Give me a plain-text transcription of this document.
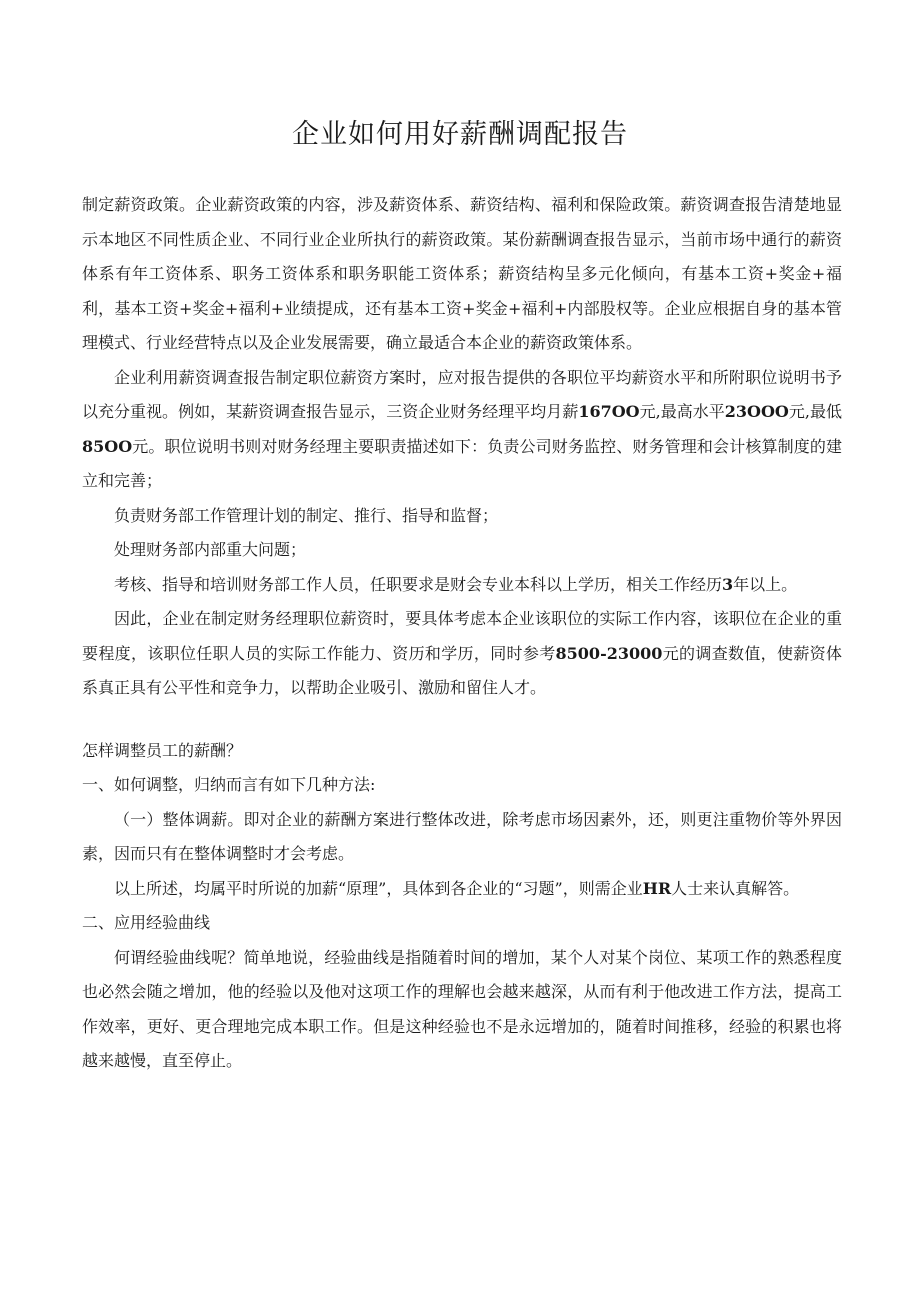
企业如何用好薪酬调配报告

制定薪资政策。企业薪资政策的内容，涉及薪资体系、薪资结构、福利和保险政策。薪资调查报告清楚地显示本地区不同性质企业、不同行业企业所执行的薪资政策。某份薪酬调查报告显示，当前市场中通行的薪资体系有年工资体系、职务工资体系和职务职能工资体系；薪资结构呈多元化倾向，有基本工资+奖金+福利，基本工资+奖金+福利+业绩提成，还有基本工资+奖金+福利+内部股权等。企业应根据自身的基本管理模式、行业经营特点以及企业发展需要，确立最适合本企业的薪资政策体系。

企业利用薪资调查报告制定职位薪资方案时，应对报告提供的各职位平均薪资水平和所附职位说明书予以充分重视。例如，某薪资调查报告显示，三资企业财务经理平均月薪167OO元,最高水平23OOO元,最低85OO元。职位说明书则对财务经理主要职责描述如下：负责公司财务监控、财务管理和会计核算制度的建立和完善；

负责财务部工作管理计划的制定、推行、指导和监督；

处理财务部内部重大问题；

考核、指导和培训财务部工作人员，任职要求是财会专业本科以上学历，相关工作经历3年以上。

因此，企业在制定财务经理职位薪资时，要具体考虑本企业该职位的实际工作内容，该职位在企业的重要程度，该职位任职人员的实际工作能力、资历和学历，同时参考8500-23000元的调查数值，使薪资体系真正具有公平性和竞争力，以帮助企业吸引、激励和留住人才。

怎样调整员工的薪酬？

一、如何调整，归纳而言有如下几种方法:

（一）整体调薪。即对企业的薪酬方案进行整体改进，除考虑市场因素外，还，则更注重物价等外界因素，因而只有在整体调整时才会考虑。

以上所述，均属平时所说的加薪“原理”，具体到各企业的“习题”，则需企业HR人士来认真解答。

二、应用经验曲线

何谓经验曲线呢？简单地说，经验曲线是指随着时间的增加，某个人对某个岗位、某项工作的熟悉程度也必然会随之增加，他的经验以及他对这项工作的理解也会越来越深，从而有利于他改进工作方法，提高工作效率，更好、更合理地完成本职工作。但是这种经验也不是永远增加的，随着时间推移，经验的积累也将越来越慢，直至停止。
